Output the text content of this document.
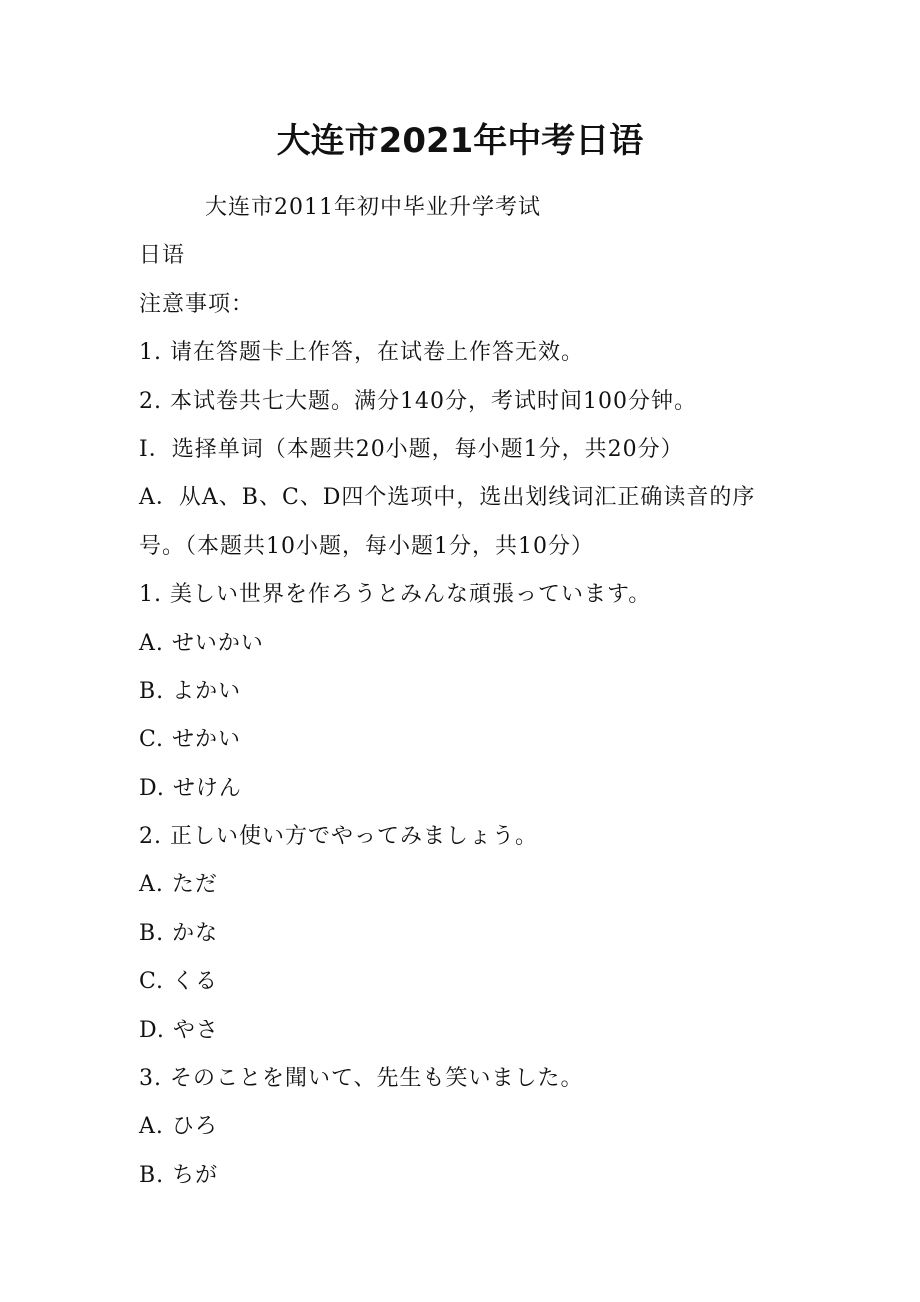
大连市2021年中考日语
大连市2011年初中毕业升学考试
日语
注意事项：
1. 请在答题卡上作答，在试卷上作答无效。
2. 本试卷共七大题。满分140分，考试时间100分钟。
Ⅰ．选择单词（本题共20小题，每小题1分，共20分）
A．从A、B、C、D四个选项中，选出划线词汇正确读音的序
号。（本题共10小题，每小题1分，共10分）
1. 美しい世界を作ろうとみんな頑張っています。
A. せいかい
B. よかい
C. せかい
D. せけん
2. 正しい使い方でやってみましょう。
A. ただ
B. かな
C. くる
D. やさ
3. そのことを聞いて、先生も笑いました。
A. ひろ
B. ちが
